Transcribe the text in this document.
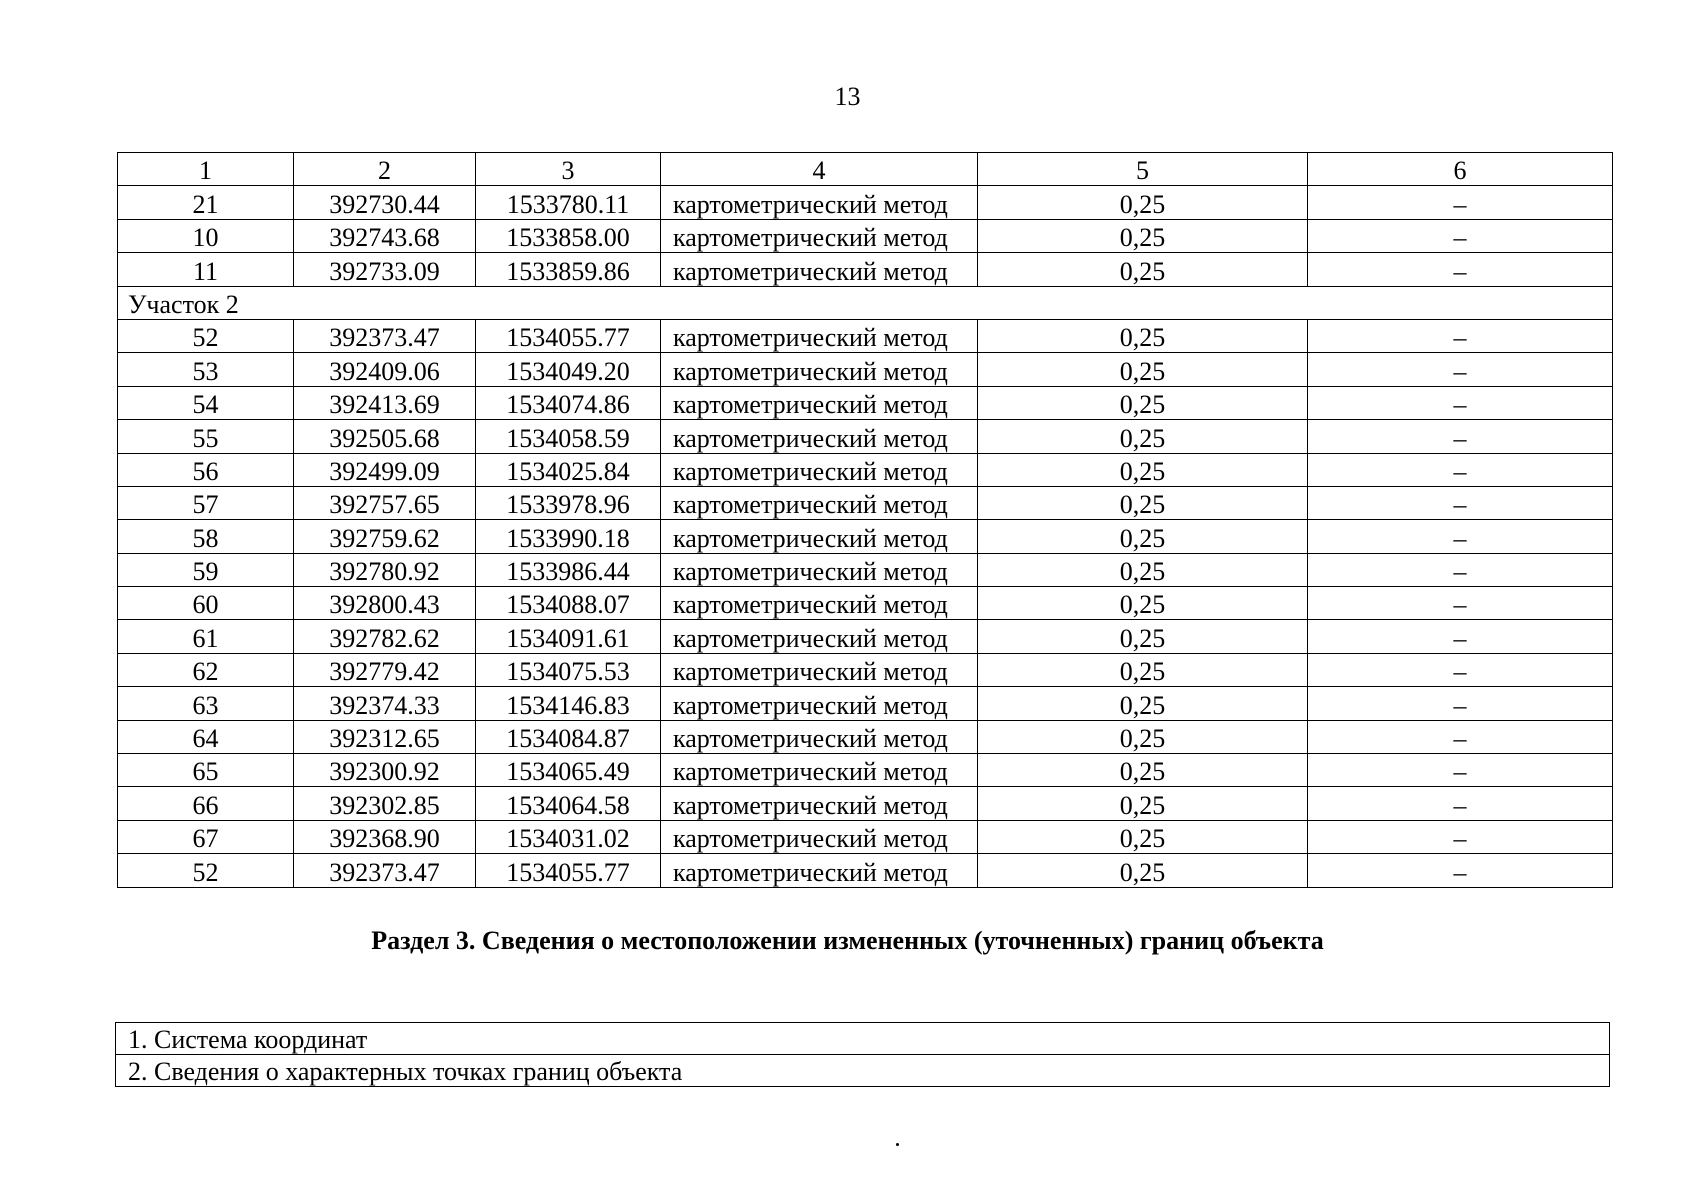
13
1	2	3	4	5	6
21	392730.44	1533780.11	картометрический метод	0,25	–
10	392743.68	1533858.00	картометрический метод	0,25	–
11	392733.09	1533859.86	картометрический метод	0,25	–
Участок 2					
52	392373.47	1534055.77	картометрический метод	0,25	–
53	392409.06	1534049.20	картометрический метод	0,25	–
54	392413.69	1534074.86	картометрический метод	0,25	–
55	392505.68	1534058.59	картометрический метод	0,25	–
56	392499.09	1534025.84	картометрический метод	0,25	–
57	392757.65	1533978.96	картометрический метод	0,25	–
58	392759.62	1533990.18	картометрический метод	0,25	–
59	392780.92	1533986.44	картометрический метод	0,25	–
60	392800.43	1534088.07	картометрический метод	0,25	–
61	392782.62	1534091.61	картометрический метод	0,25	–
62	392779.42	1534075.53	картометрический метод	0,25	–
63	392374.33	1534146.83	картометрический метод	0,25	–
64	392312.65	1534084.87	картометрический метод	0,25	–
65	392300.92	1534065.49	картометрический метод	0,25	–
66	392302.85	1534064.58	картометрический метод	0,25	–
67	392368.90	1534031.02	картометрический метод	0,25	–
52	392373.47	1534055.77	картометрический метод	0,25	–
Раздел 3. Сведения о местоположении измененных (уточненных) границ объекта
1. Система координат
2. Сведения о характерных точках границ объекта
